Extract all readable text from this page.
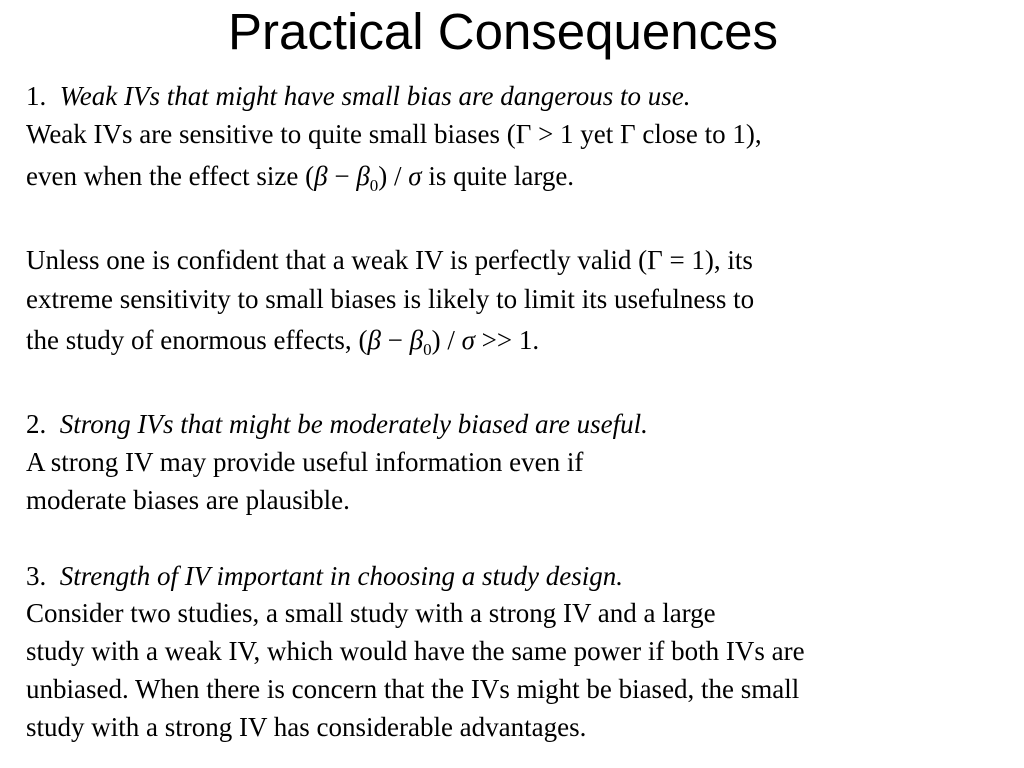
Practical Consequences
1. Weak IVs that might have small bias are dangerous to use.
Weak IVs are sensitive to quite small biases (Γ > 1 yet Γ close to 1),
even when the effect size $(\beta - \beta_0) / \sigma$ is quite large.
Unless one is confident that a weak IV is perfectly valid (Γ = 1), its
extreme sensitivity to small biases is likely to limit its usefulness to
the study of enormous effects, $(\beta - \beta_0) / \sigma >> 1$.
2. Strong IVs that might be moderately biased are useful.
A strong IV may provide useful information even if
moderate biases are plausible.
3. Strength of IV important in choosing a study design.
Consider two studies, a small study with a strong IV and a large
study with a weak IV, which would have the same power if both IVs are
unbiased. When there is concern that the IVs might be biased, the small
study with a strong IV has considerable advantages.
